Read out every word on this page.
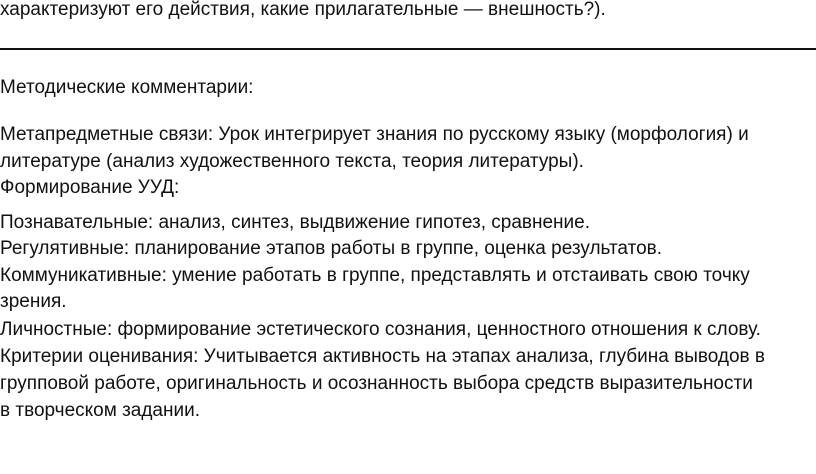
характеризуют его действия, какие прилагательные — внешность?).
Методические комментарии:
Метапредметные связи: Урок интегрирует знания по русскому языку (морфология) и
литературе (анализ художественного текста, теория литературы).
Формирование УУД:
Познавательные: анализ, синтез, выдвижение гипотез, сравнение.
Регулятивные: планирование этапов работы в группе, оценка результатов.
Коммуникативные: умение работать в группе, представлять и отстаивать свою точку
зрения.
Личностные: формирование эстетического сознания, ценностного отношения к слову.
Критерии оценивания: Учитывается активность на этапах анализа, глубина выводов в
групповой работе, оригинальность и осознанность выбора средств выразительности
в творческом задании.
